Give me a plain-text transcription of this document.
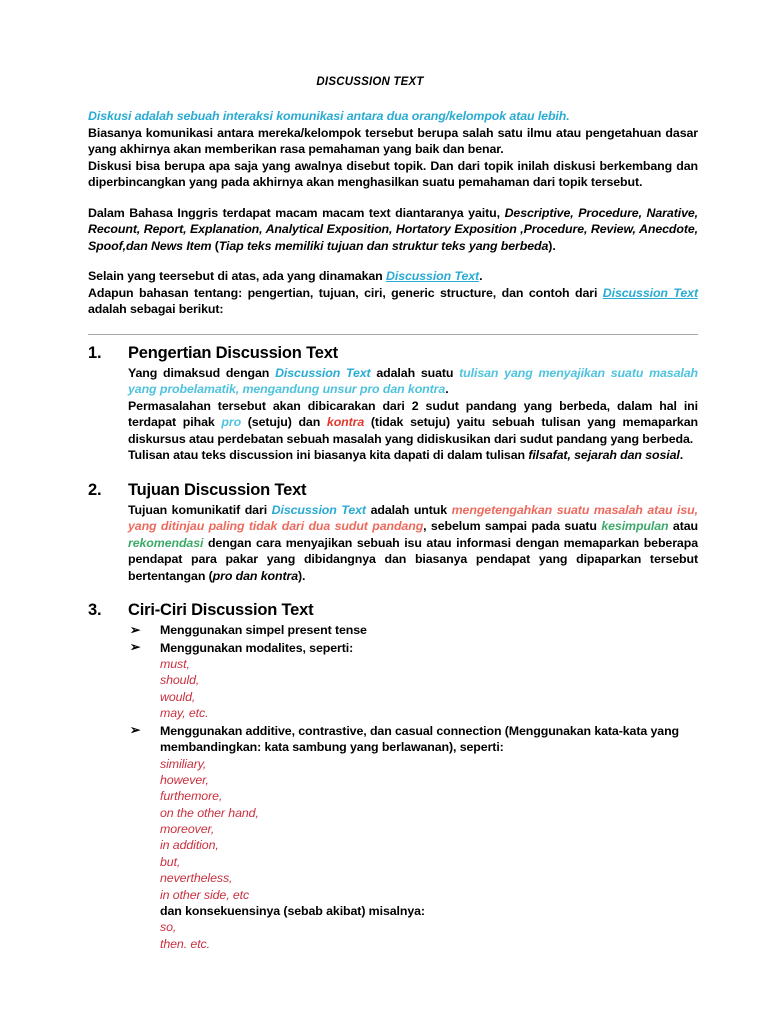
DISCUSSION TEXT

Diskusi adalah sebuah interaksi komunikasi antara dua orang/kelompok atau lebih.

Biasanya komunikasi antara mereka/kelompok tersebut berupa salah satu ilmu atau pengetahuan dasar yang akhirnya akan memberikan rasa pemahaman yang baik dan benar.

Diskusi bisa berupa apa saja yang awalnya disebut topik. Dan dari topik inilah diskusi berkembang dan diperbincangkan yang pada akhirnya akan menghasilkan suatu pemahaman dari topik tersebut.

Dalam Bahasa Inggris terdapat macam macam text diantaranya yaitu, Descriptive, Procedure, Narative, Recount, Report, Explanation, Analytical Exposition, Hortatory Exposition ,Procedure, Review, Anecdote, Spoof,dan News Item (Tiap teks memiliki tujuan dan struktur teks yang berbeda).

Selain yang teersebut di atas, ada yang dinamakan Discussion Text.

Adapun bahasan tentang: pengertian, tujuan, ciri, generic structure, dan contoh dari Discussion Text adalah sebagai berikut:

1.	Pengertian Discussion Text

Yang dimaksud dengan Discussion Text adalah suatu tulisan yang menyajikan suatu masalah yang probelamatik, mengandung unsur pro dan kontra.

Permasalahan tersebut akan dibicarakan dari 2 sudut pandang yang berbeda, dalam hal ini terdapat pihak pro (setuju) dan kontra (tidak setuju) yaitu sebuah tulisan yang memaparkan diskursus atau perdebatan sebuah masalah yang didiskusikan dari sudut pandang yang berbeda.

Tulisan atau teks discussion ini biasanya kita dapati di dalam tulisan filsafat, sejarah dan sosial.

2.	Tujuan Discussion Text

Tujuan komunikatif dari Discussion Text adalah untuk mengetengahkan suatu masalah atau isu, yang ditinjau paling tidak dari dua sudut pandang, sebelum sampai pada suatu kesimpulan atau rekomendasi dengan cara menyajikan sebuah isu atau informasi dengan memaparkan beberapa pendapat para pakar yang dibidangnya dan biasanya pendapat yang dipaparkan tersebut bertentangan (pro dan kontra).

3.	Ciri-Ciri Discussion Text
➢ Menggunakan simpel present tense
➢ Menggunakan modalites, seperti:
must,
should,
would,
may, etc.
➢ Menggunakan additive, contrastive, dan casual connection (Menggunakan kata-kata yang membandingkan: kata sambung yang berlawanan), seperti:
similiary,
however,
furthemore,
on the other hand,
moreover,
in addition,
but,
nevertheless,
in other side, etc

dan konsekuensinya (sebab akibat) misalnya:

so,
then. etc.
